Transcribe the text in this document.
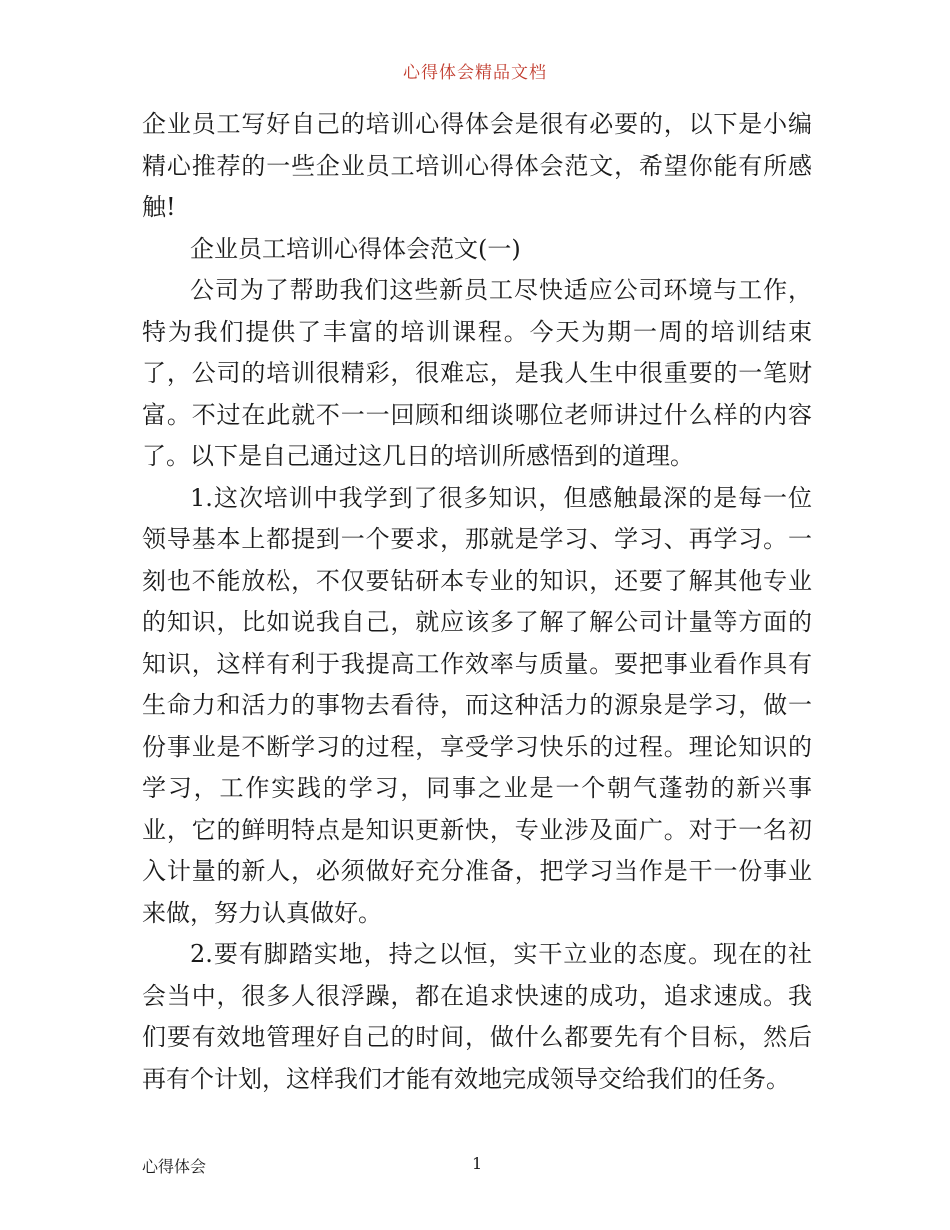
心得体会精品文档

企业员工写好自己的培训心得体会是很有必要的，以下是小编精心推荐的一些企业员工培训心得体会范文，希望你能有所感触!

企业员工培训心得体会范文(一)

公司为了帮助我们这些新员工尽快适应公司环境与工作，特为我们提供了丰富的培训课程。今天为期一周的培训结束了，公司的培训很精彩，很难忘，是我人生中很重要的一笔财富。不过在此就不一一回顾和细谈哪位老师讲过什么样的内容了。以下是自己通过这几日的培训所感悟到的道理。

1.这次培训中我学到了很多知识，但感触最深的是每一位领导基本上都提到一个要求，那就是学习、学习、再学习。一刻也不能放松，不仅要钻研本专业的知识，还要了解其他专业的知识，比如说我自己，就应该多了解了解公司计量等方面的知识，这样有利于我提高工作效率与质量。要把事业看作具有生命力和活力的事物去看待，而这种活力的源泉是学习，做一份事业是不断学习的过程，享受学习快乐的过程。理论知识的学习，工作实践的学习，同事之业是一个朝气蓬勃的新兴事业，它的鲜明特点是知识更新快，专业涉及面广。对于一名初入计量的新人，必须做好充分准备，把学习当作是干一份事业来做，努力认真做好。

2.要有脚踏实地，持之以恒，实干立业的态度。现在的社会当中，很多人很浮躁，都在追求快速的成功，追求速成。我们要有效地管理好自己的时间，做什么都要先有个目标，然后再有个计划，这样我们才能有效地完成领导交给我们的任务。

心得体会	1
